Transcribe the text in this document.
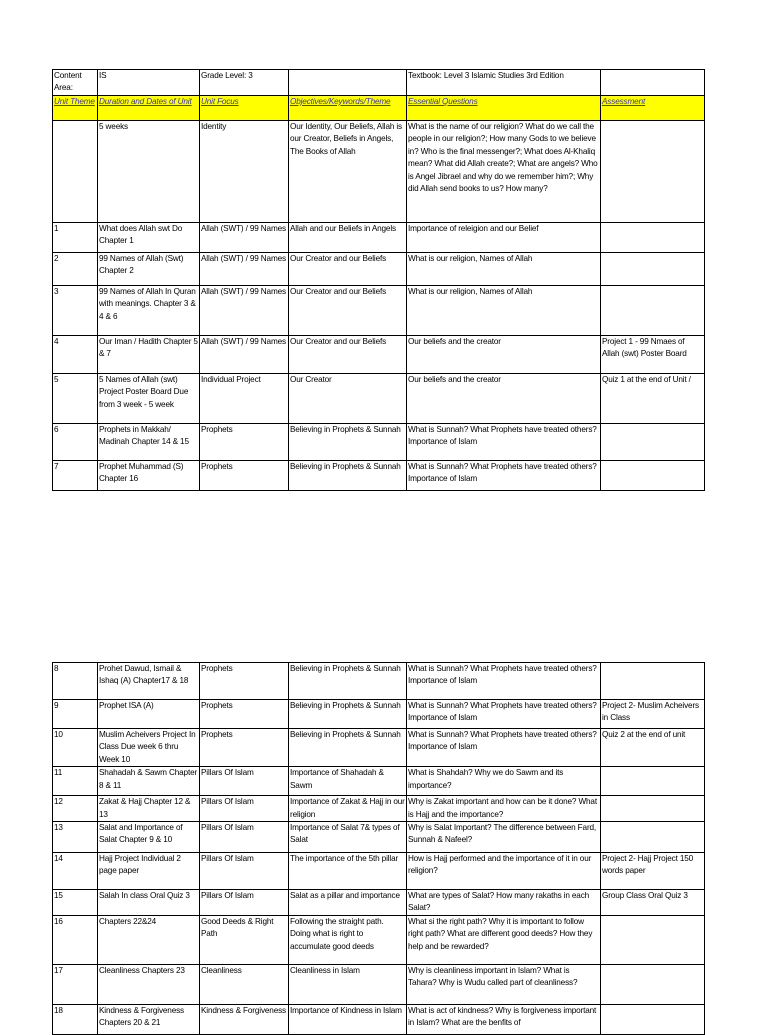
Content Area:	IS	Grade Level: 3		Textbook: Level 3 Islamic Studies 3rd Edition	
Unit Theme	Duration and Dates of Unit	Unit Focus	Objectives/Keywords/Theme	Essential Questions	Assessment
	5 weeks	Identity	Our Identity, Our Beliefs, Allah is our Creator, Beliefs in Angels, The Books of Allah	What is the name of our religion? What do we call the people in our religion?; How many Gods to we believe in? Who is the final messenger?; What does Al-Khaliq mean? What did Allah create?; What are angels? Who is Angel Jibrael and why do we remember him?; Why did Allah send books to us? How many?	
1	What does Allah swt Do Chapter 1	Allah (SWT) / 99 Names	Allah and our Beliefs in Angels	Importance of releigion and our Belief	
2	99 Names of Allah (Swt) Chapter 2	Allah (SWT) / 99 Names	Our Creator and our Beliefs	What is our religion, Names of Allah	
3	99 Names of Allah In Quran with meanings. Chapter 3 & 4 & 6	Allah (SWT) / 99 Names	Our Creator and our Beliefs	What is our religion, Names of Allah	
4	Our Iman / Hadith Chapter 5 & 7	Allah (SWT) / 99 Names	Our Creator and our Beliefs	Our beliefs and the creator	Project 1 - 99 Nmaes of Allah (swt) Poster Board
5	5 Names of Allah (swt) Project Poster Board Due from 3 week - 5 week	Individual Project	Our Creator	Our beliefs and the creator	Quiz 1 at the end of Unit /
6	Prophets in Makkah/ Madinah Chapter 14 & 15	Prophets	Believing in Prophets & Sunnah	What is Sunnah? What Prophets have treated others? Importance of Islam	
7	Prophet Muhammad (S) Chapter 16	Prophets	Believing in Prophets & Sunnah	What is Sunnah? What Prophets have treated others? Importance of Islam	
8	Prohet Dawud, Ismail & Ishaq (A) Chapter17 & 18	Prophets	Believing in Prophets & Sunnah	What is Sunnah? What Prophets have treated others? Importance of Islam	
9	Prophet ISA (A)	Prophets	Believing in Prophets & Sunnah	What is Sunnah? What Prophets have treated others? Importance of Islam	Project 2- Muslim Acheivers in Class
10	Muslim Acheivers Project In Class Due week 6 thru Week 10	Prophets	Believing in Prophets & Sunnah	What is Sunnah? What Prophets have treated others? Importance of Islam	Quiz 2 at the end of unit
11	Shahadah & Sawm Chapter 8 & 11	Pillars Of Islam	Importance of Shahadah & Sawm	What is Shahdah? Why we do Sawm and its importance?	
12	Zakat & Hajj Chapter 12 & 13	Pillars Of Islam	Importance of Zakat & Hajj in our religion	Why is Zakat important and how can be it done? What is Hajj and the importance?	
13	Salat and Importance of Salat Chapter 9 & 10	Pillars Of Islam	Importance of Salat 7& types of Salat	Why is Salat Important? The difference between Fard, Sunnah & Nafeel?	
14	Hajj Project Individual 2 page paper	Pillars Of Islam	The importance of the 5th pillar	How is Hajj performed and the importance of it in our religion?	Project 2- Hajj Project 150 words paper
15	Salah In class Oral Quiz 3	Pillars Of Islam	Salat as a pillar and importance	What are types of Salat? How many rakaths in each Salat?	Group Class Oral Quiz 3
16	Chapters 22&24	Good Deeds & Right Path	Following the straight path. Doing what is right to accumulate good deeds	What si the right path? Why it is important to follow right path? What are different good deeds? How they help and be rewarded?	
17	Cleanliness Chapters 23	Cleanliness	Cleanliness in Islam	Why is cleanliness important in Islam? What is Tahara? Why is Wudu called part of cleanliness?	
18	Kindness & Forgiveness Chapters 20 & 21	Kindness & Forgiveness	Importance of Kindness in Islam	What is act of kindness? Why is forgiveness important in Islam? What are the benfits of	
